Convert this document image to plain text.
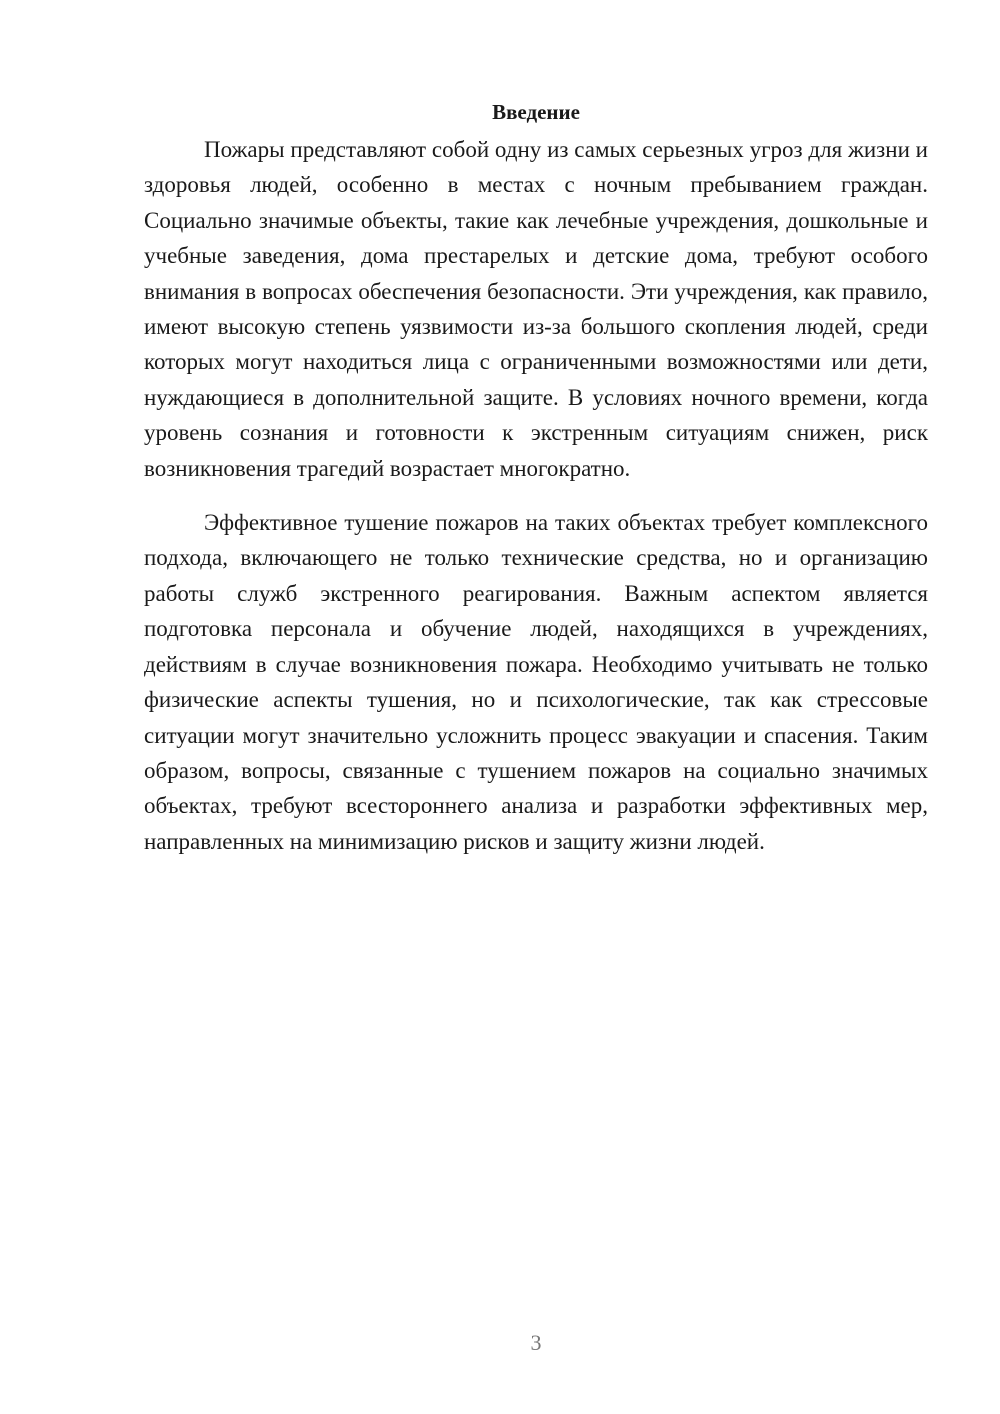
Введение

Пожары представляют собой одну из самых серьезных угроз для жизни и здоровья людей, особенно в местах с ночным пребыванием граждан. Социально значимые объекты, такие как лечебные учреждения, дошкольные и учебные заведения, дома престарелых и детские дома, требуют особого внимания в вопросах обеспечения безопасности. Эти учреждения, как правило, имеют высокую степень уязвимости из-за большого скопления людей, среди которых могут находиться лица с ограниченными возможностями или дети, нуждающиеся в дополнительной защите. В условиях ночного времени, когда уровень сознания и готовности к экстренным ситуациям снижен, риск возникновения трагедий возрастает многократно.

Эффективное тушение пожаров на таких объектах требует комплексного подхода, включающего не только технические средства, но и организацию работы служб экстренного реагирования. Важным аспектом является подготовка персонала и обучение людей, находящихся в учреждениях, действиям в случае возникновения пожара. Необходимо учитывать не только физические аспекты тушения, но и психологические, так как стрессовые ситуации могут значительно усложнить процесс эвакуации и спасения. Таким образом, вопросы, связанные с тушением пожаров на социально значимых объектах, требуют всестороннего анализа и разработки эффективных мер, направленных на минимизацию рисков и защиту жизни людей.

3
